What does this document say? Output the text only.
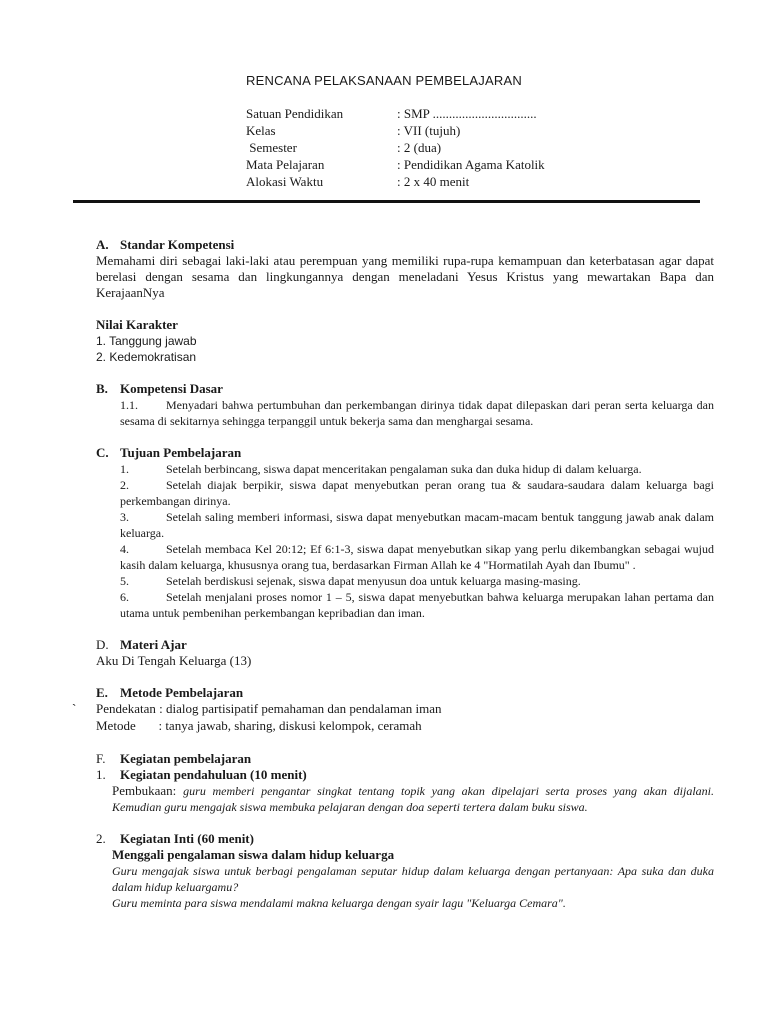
RENCANA PELAKSANAAN PEMBELAJARAN
Satuan Pendidikan	: SMP ................................
Kelas	: VII (tujuh)
Semester	: 2 (dua)
Mata Pelajaran	: Pendidikan Agama Katolik
Alokasi Waktu	: 2 x 40 menit
A. Standar Kompetensi
Memahami diri sebagai laki-laki atau perempuan yang memiliki rupa-rupa kemampuan dan keterbatasan agar dapat berelasi dengan sesama dan lingkungannya dengan meneladani Yesus Kristus yang mewartakan Bapa dan KerajaanNya
Nilai Karakter
1. Tanggung jawab
2. Kedemokratisan
B. Kompetensi Dasar
1.1. Menyadari bahwa pertumbuhan dan perkembangan dirinya tidak dapat dilepaskan dari peran serta keluarga dan sesama di sekitarnya sehingga terpanggil untuk bekerja sama dan menghargai sesama.
C. Tujuan Pembelajaran
1.	Setelah berbincang, siswa dapat menceritakan pengalaman suka dan duka hidup di dalam keluarga.
2.	Setelah diajak berpikir, siswa dapat menyebutkan peran orang tua & saudara-saudara dalam keluarga bagi perkembangan dirinya.
3.	Setelah saling memberi informasi, siswa dapat menyebutkan macam-macam bentuk tanggung jawab anak dalam keluarga.
4.	Setelah membaca Kel 20:12; Ef 6:1-3, siswa dapat menyebutkan sikap yang perlu dikembangkan sebagai wujud kasih dalam keluarga, khususnya orang tua, berdasarkan Firman Allah ke 4 "Hormatilah Ayah dan Ibumu" .
5.	Setelah berdiskusi sejenak, siswa dapat menyusun doa untuk keluarga masing-masing.
6.	Setelah menjalani proses nomor 1 – 5, siswa dapat menyebutkan bahwa keluarga merupakan lahan pertama dan utama untuk pembenihan perkembangan kepribadian dan iman.
D. Materi Ajar
Aku Di Tengah Keluarga (13)
E. Metode Pembelajaran
` Pendekatan : dialog partisipatif pemahaman dan pendalaman iman
Metode       : tanya jawab, sharing, diskusi kelompok, ceramah
F.	Kegiatan pembelajaran
1.	Kegiatan pendahuluan (10 menit)
Pembukaan: guru memberi pengantar singkat tentang topik yang akan dipelajari serta proses yang akan dijalani. Kemudian guru mengajak siswa membuka pelajaran dengan doa seperti tertera dalam buku siswa.
2.	Kegiatan Inti (60 menit)
Menggali pengalaman siswa dalam hidup keluarga
Guru mengajak siswa untuk berbagi pengalaman seputar hidup dalam keluarga dengan pertanyaan: Apa suka dan duka dalam hidup keluargamu?
Guru meminta para siswa mendalami makna keluarga dengan syair lagu "Keluarga Cemara".
